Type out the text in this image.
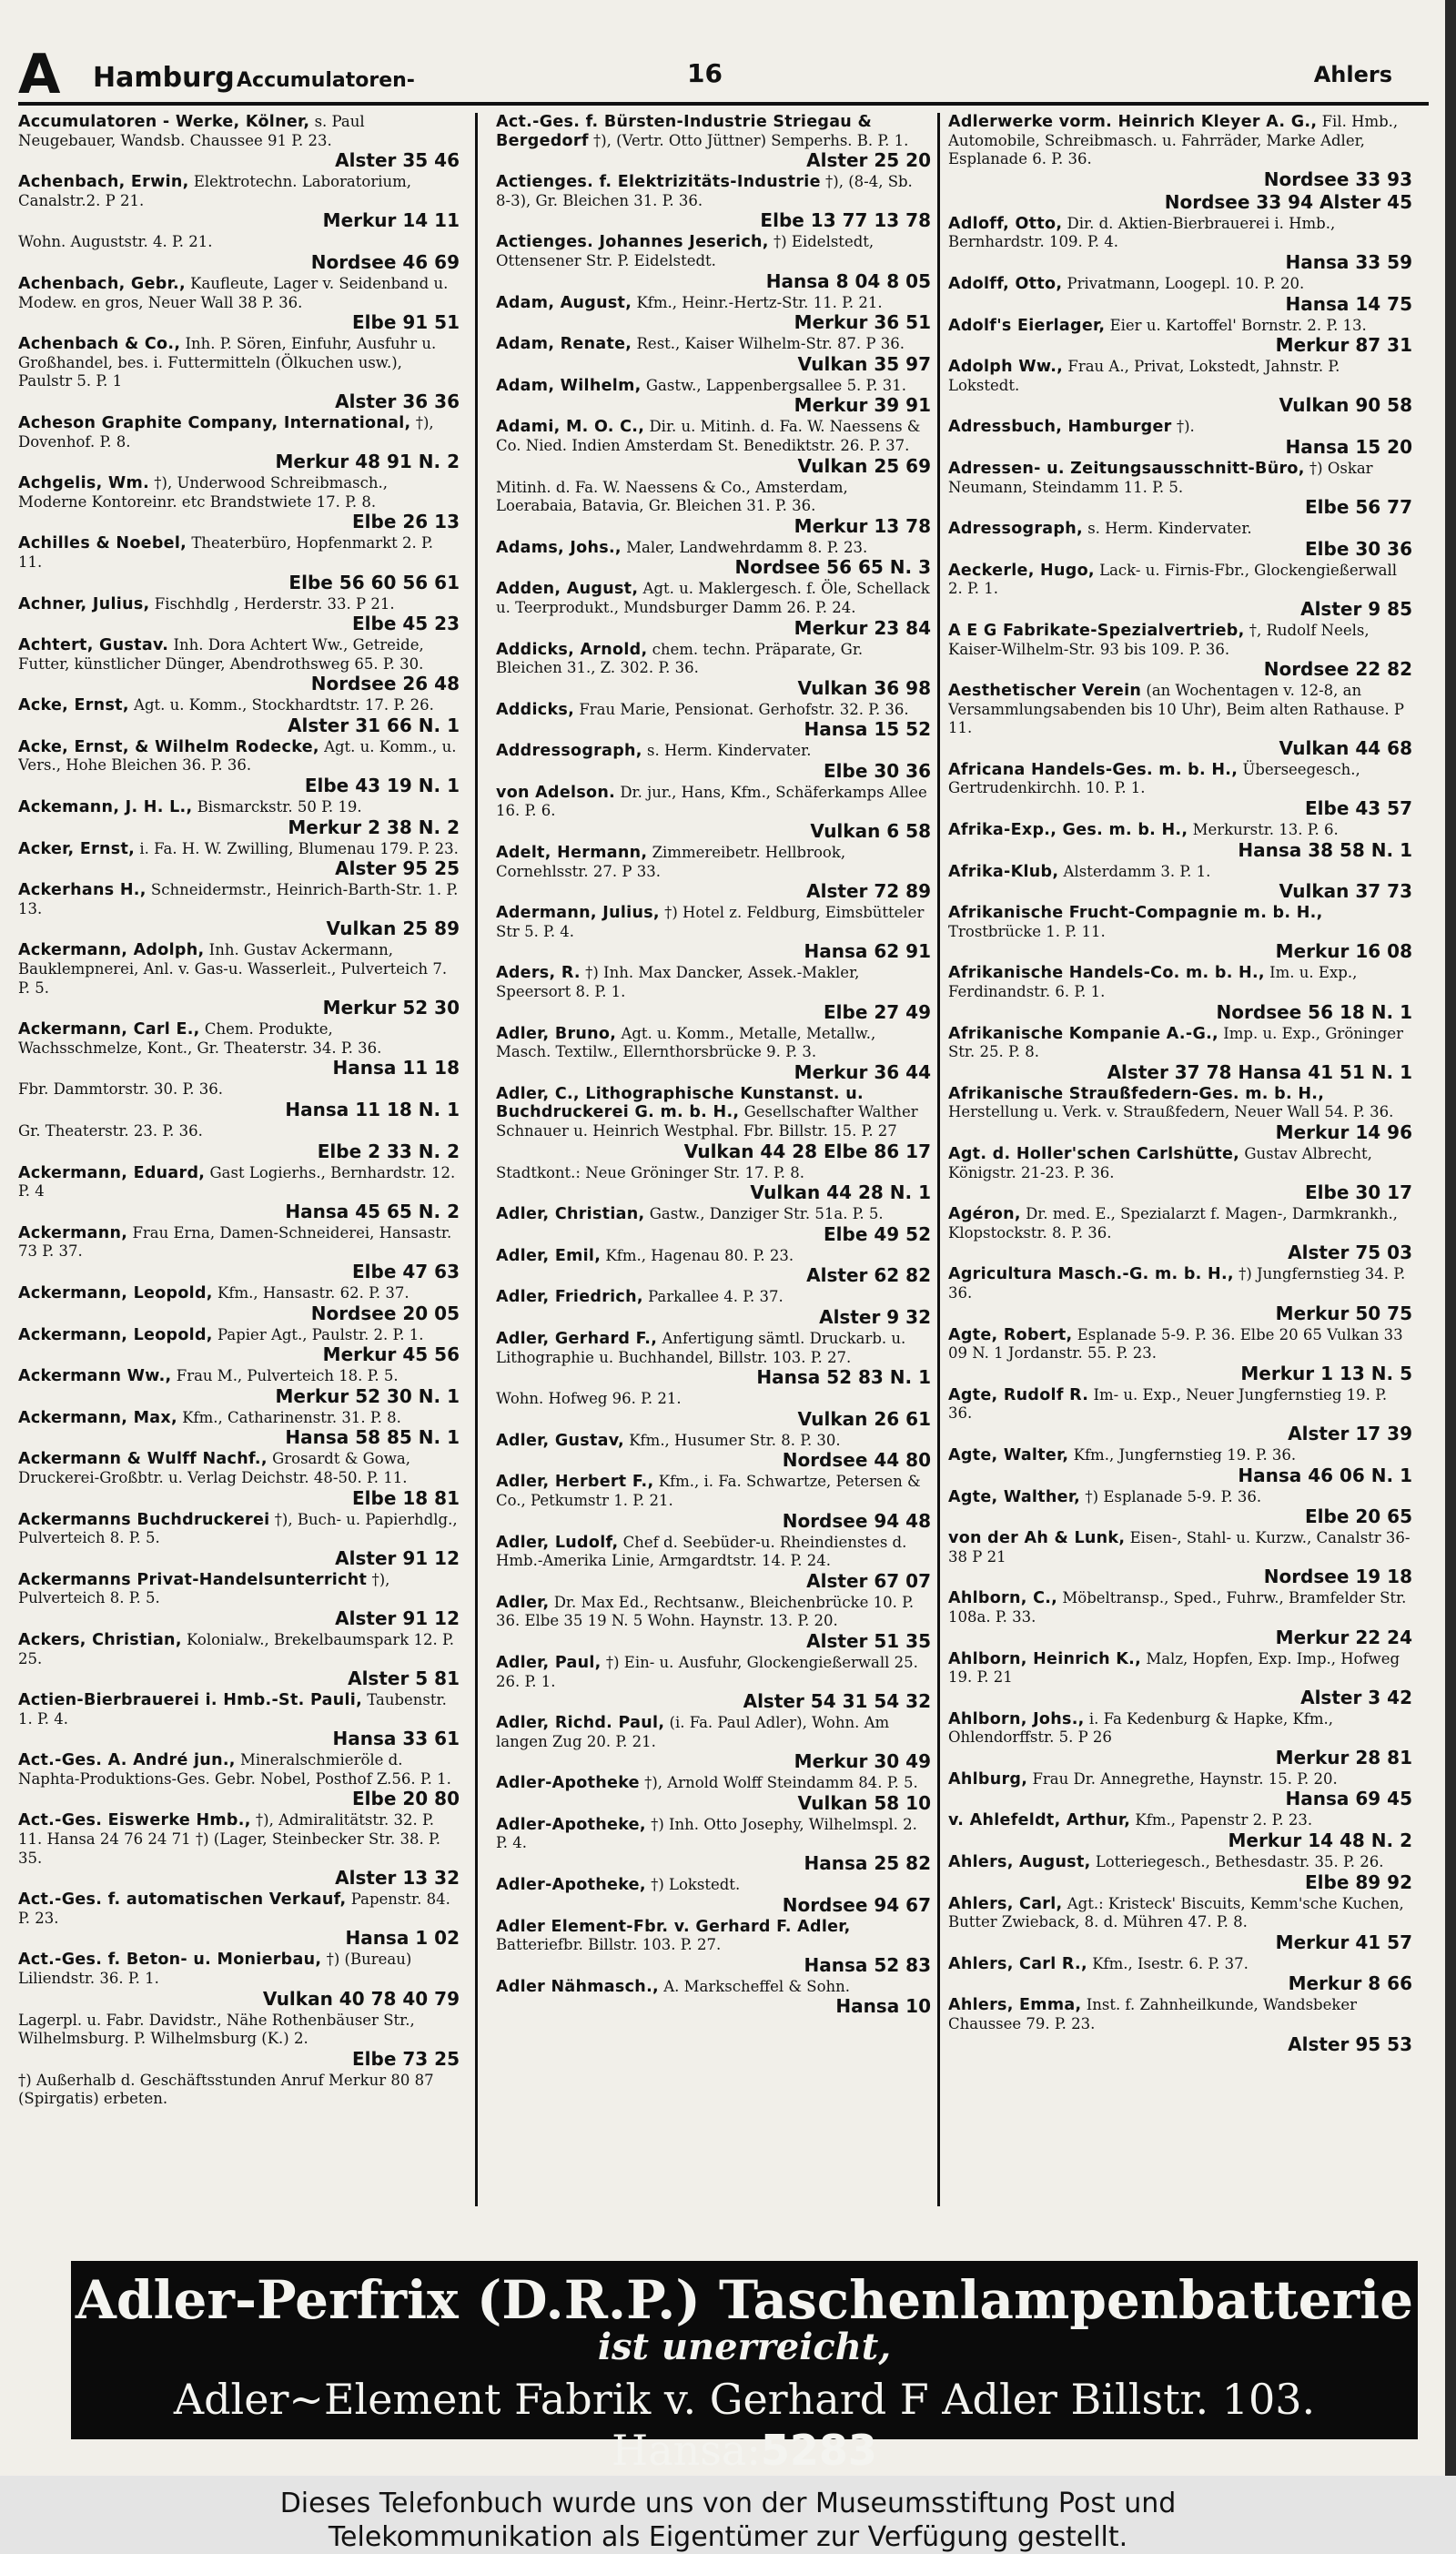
A Hamburg Accumulatoren-	16	Ahlers
Accumulatoren - Werke, Kölner, s. Paul Neugebauer, Wandsb. Chaussee 91 P. 23.
Alster 35 46
Achenbach, Erwin, Elektrotechn. Laboratorium, Canalstr.2. P 21.
Merkur 14 11
Wohn. Auguststr. 4. P. 21.
Nordsee 46 69
Achenbach, Gebr., Kaufleute, Lager v. Seidenband u. Modew. en gros, Neuer Wall 38 P. 36.
Elbe 91 51
Achenbach & Co., Inh. P. Sören, Einfuhr, Ausfuhr u. Großhandel, bes. i. Futtermitteln (Ölkuchen usw.), Paulstr 5. P. 1
Alster 36 36
Acheson Graphite Company, International, †), Dovenhof. P. 8.
Merkur 48 91 N. 2
Achgelis, Wm. †), Underwood Schreibmasch., Moderne Kontoreinr. etc Brandstwiete 17. P. 8.
Elbe 26 13
Achilles & Noebel, Theaterbüro, Hopfenmarkt 2. P. 11.
Elbe 56 60 56 61
Achner, Julius, Fischhdlg , Herderstr. 33. P 21.
Elbe 45 23
Achtert, Gustav. Inh. Dora Achtert Ww., Getreide, Futter, künstlicher Dünger, Abendrothsweg 65. P. 30.
Nordsee 26 48
Acke, Ernst, Agt. u. Komm., Stockhardtstr. 17. P. 26.
Alster 31 66 N. 1
Acke, Ernst, & Wilhelm Rodecke, Agt. u. Komm., u. Vers., Hohe Bleichen 36. P. 36.
Elbe 43 19 N. 1
Ackemann, J. H. L., Bismarckstr. 50 P. 19.
Merkur 2 38 N. 2
Acker, Ernst, i. Fa. H. W. Zwilling, Blumenau 179. P. 23.
Alster 95 25
Ackerhans H., Schneidermstr., Heinrich-Barth-Str. 1. P. 13.
Vulkan 25 89
Ackermann, Adolph, Inh. Gustav Ackermann, Bauklempnerei, Anl. v. Gas-u. Wasserleit., Pulverteich 7. P. 5.
Merkur 52 30
Ackermann, Carl E., Chem. Produkte, Wachsschmelze, Kont., Gr. Theaterstr. 34. P. 36.
Hansa 11 18
Fbr. Dammtorstr. 30. P. 36.
Hansa 11 18 N. 1
Gr. Theaterstr. 23. P. 36.
Elbe 2 33 N. 2
Ackermann, Eduard, Gast Logierhs., Bernhardstr. 12. P. 4
Hansa 45 65 N. 2
Ackermann, Frau Erna, Damen-Schneiderei, Hansastr. 73 P. 37.
Elbe 47 63
Ackermann, Leopold, Kfm., Hansastr. 62. P. 37.
Nordsee 20 05
Ackermann, Leopold, Papier Agt., Paulstr. 2. P. 1.
Merkur 45 56
Ackermann Ww., Frau M., Pulverteich 18. P. 5.
Merkur 52 30 N. 1
Ackermann, Max, Kfm., Catharinenstr. 31. P. 8.
Hansa 58 85 N. 1
Ackermann & Wulff Nachf., Grosardt & Gowa, Druckerei-Großbtr. u. Verlag Deichstr. 48-50. P. 11.
Elbe 18 81
Ackermanns Buchdruckerei †), Buch- u. Papierhdlg., Pulverteich 8. P. 5.
Alster 91 12
Ackermanns Privat-Handelsunterricht †), Pulverteich 8. P. 5.
Alster 91 12
Ackers, Christian, Kolonialw., Brekelbaumspark 12. P. 25.
Alster 5 81
Actien-Bierbrauerei i. Hmb.-St. Pauli, Taubenstr. 1. P. 4.
Hansa 33 61
Act.-Ges. A. André jun., Mineralschmieröle d. Naphta-Produktions-Ges. Gebr. Nobel, Posthof Z.56. P. 1.
Elbe 20 80
Act.-Ges. Eiswerke Hmb., †), Admiralitätstr. 32. P. 11. Hansa 24 76 24 71 †) (Lager, Steinbecker Str. 38. P. 35.
Alster 13 32
Act.-Ges. f. automatischen Verkauf, Papenstr. 84. P. 23.
Hansa 1 02
Act.-Ges. f. Beton- u. Monierbau, †) (Bureau) Liliendstr. 36. P. 1.
Vulkan 40 78 40 79
Lagerpl. u. Fabr. Davidstr., Nähe Rothenbäuser Str., Wilhelmsburg. P. Wilhelmsburg (K.) 2.
Elbe 73 25
†) Außerhalb d. Geschäftsstunden Anruf Merkur 80 87 (Spirgatis) erbeten.
Act.-Ges. f. Bürsten-Industrie Striegau & Bergedorf †), (Vertr. Otto Jüttner) Semperhs. B. P. 1.
Alster 25 20
Actienges. f. Elektrizitäts-Industrie †), (8-4, Sb. 8-3), Gr. Bleichen 31. P. 36.
Elbe 13 77 13 78
Actienges. Johannes Jeserich, †) Eidelstedt, Ottensener Str. P. Eidelstedt.
Hansa 8 04 8 05
Adam, August, Kfm., Heinr.-Hertz-Str. 11. P. 21.
Merkur 36 51
Adam, Renate, Rest., Kaiser Wilhelm-Str. 87. P 36.
Vulkan 35 97
Adam, Wilhelm, Gastw., Lappenbergsallee 5. P. 31.
Merkur 39 91
Adami, M. O. C., Dir. u. Mitinh. d. Fa. W. Naessens & Co. Nied. Indien Amsterdam St. Benediktstr. 26. P. 37.
Vulkan 25 69
Mitinh. d. Fa. W. Naessens & Co., Amsterdam, Loerabaia, Batavia, Gr. Bleichen 31. P. 36.
Merkur 13 78
Adams, Johs., Maler, Landwehrdamm 8. P. 23.
Nordsee 56 65 N. 3
Adden, August, Agt. u. Maklergesch. f. Öle, Schellack u. Teerprodukt., Mundsburger Damm 26. P. 24.
Merkur 23 84
Addicks, Arnold, chem. techn. Präparate, Gr. Bleichen 31., Z. 302. P. 36.
Vulkan 36 98
Addicks, Frau Marie, Pensionat. Gerhofstr. 32. P. 36.
Hansa 15 52
Addressograph, s. Herm. Kindervater.
Elbe 30 36
von Adelson. Dr. jur., Hans, Kfm., Schäferkamps Allee 16. P. 6.
Vulkan 6 58
Adelt, Hermann, Zimmereibetr. Hellbrook, Cornehlsstr. 27. P 33.
Alster 72 89
Adermann, Julius, †) Hotel z. Feldburg, Eimsbütteler Str 5. P. 4.
Hansa 62 91
Aders, R. †) Inh. Max Dancker, Assek.-Makler, Speersort 8. P. 1.
Elbe 27 49
Adler, Bruno, Agt. u. Komm., Metalle, Metallw., Masch. Textilw., Ellernthorsbrücke 9. P. 3.
Merkur 36 44
Adler, C., Lithographische Kunstanst. u. Buchdruckerei G. m. b. H., Gesellschafter Walther Schnauer u. Heinrich Westphal. Fbr. Billstr. 15. P. 27
Vulkan 44 28 Elbe 86 17
Stadtkont.: Neue Gröninger Str. 17. P. 8.
Vulkan 44 28 N. 1
Adler, Christian, Gastw., Danziger Str. 51a. P. 5.
Elbe 49 52
Adler, Emil, Kfm., Hagenau 80. P. 23.
Alster 62 82
Adler, Friedrich, Parkallee 4. P. 37.
Alster 9 32
Adler, Gerhard F., Anfertigung sämtl. Druckarb. u. Lithographie u. Buchhandel, Billstr. 103. P. 27.
Hansa 52 83 N. 1
Wohn. Hofweg 96. P. 21.
Vulkan 26 61
Adler, Gustav, Kfm., Husumer Str. 8. P. 30.
Nordsee 44 80
Adler, Herbert F., Kfm., i. Fa. Schwartze, Petersen & Co., Petkumstr 1. P. 21.
Nordsee 94 48
Adler, Ludolf, Chef d. Seebüder-u. Rheindienstes d. Hmb.-Amerika Linie, Armgardtstr. 14. P. 24.
Alster 67 07
Adler, Dr. Max Ed., Rechtsanw., Bleichenbrücke 10. P. 36. Elbe 35 19 N. 5 Wohn. Haynstr. 13. P. 20.
Alster 51 35
Adler, Paul, †) Ein- u. Ausfuhr, Glockengießerwall 25. 26. P. 1.
Alster 54 31 54 32
Adler, Richd. Paul, (i. Fa. Paul Adler), Wohn. Am langen Zug 20. P. 21.
Merkur 30 49
Adler-Apotheke †), Arnold Wolff Steindamm 84. P. 5.
Vulkan 58 10
Adler-Apotheke, †) Inh. Otto Josephy, Wilhelmspl. 2. P. 4.
Hansa 25 82
Adler-Apotheke, †) Lokstedt.
Nordsee 94 67
Adler Element-Fbr. v. Gerhard F. Adler, Batteriefbr. Billstr. 103. P. 27.
Hansa 52 83
Adler Nähmasch., A. Markscheffel & Sohn.
Hansa 10
Adlerwerke vorm. Heinrich Kleyer A. G., Fil. Hmb., Automobile, Schreibmasch. u. Fahrräder, Marke Adler, Esplanade 6. P. 36.
Nordsee 33 93
Nordsee 33 94 Alster 45
Adloff, Otto, Dir. d. Aktien-Bierbrauerei i. Hmb., Bernhardstr. 109. P. 4.
Hansa 33 59
Adolff, Otto, Privatmann, Loogepl. 10. P. 20.
Hansa 14 75
Adolf's Eierlager, Eier u. Kartoffel' Bornstr. 2. P. 13.
Merkur 87 31
Adolph Ww., Frau A., Privat, Lokstedt, Jahnstr. P. Lokstedt.
Vulkan 90 58
Adressbuch, Hamburger †).
Hansa 15 20
Adressen- u. Zeitungsausschnitt-Büro, †) Oskar Neumann, Steindamm 11. P. 5.
Elbe 56 77
Adressograph, s. Herm. Kindervater.
Elbe 30 36
Aeckerle, Hugo, Lack- u. Firnis-Fbr., Glockengießerwall 2. P. 1.
Alster 9 85
A E G Fabrikate-Spezialvertrieb, †, Rudolf Neels, Kaiser-Wilhelm-Str. 93 bis 109. P. 36.
Nordsee 22 82
Aesthetischer Verein (an Wochentagen v. 12-8, an Versammlungsabenden bis 10 Uhr), Beim alten Rathause. P 11.
Vulkan 44 68
Africana Handels-Ges. m. b. H., Überseegesch., Gertrudenkirchh. 10. P. 1.
Elbe 43 57
Afrika-Exp., Ges. m. b. H., Merkurstr. 13. P. 6.
Hansa 38 58 N. 1
Afrika-Klub, Alsterdamm 3. P. 1.
Vulkan 37 73
Afrikanische Frucht-Compagnie m. b. H., Trostbrücke 1. P. 11.
Merkur 16 08
Afrikanische Handels-Co. m. b. H., Im. u. Exp., Ferdinandstr. 6. P. 1.
Nordsee 56 18 N. 1
Afrikanische Kompanie A.-G., Imp. u. Exp., Gröninger Str. 25. P. 8.
Alster 37 78 Hansa 41 51 N. 1
Afrikanische Straußfedern-Ges. m. b. H., Herstellung u. Verk. v. Straußfedern, Neuer Wall 54. P. 36.
Merkur 14 96
Agt. d. Holler'schen Carlshütte, Gustav Albrecht, Königstr. 21-23. P. 36.
Elbe 30 17
Agéron, Dr. med. E., Spezialarzt f. Magen-, Darmkrankh., Klopstockstr. 8. P. 36.
Alster 75 03
Agricultura Masch.-G. m. b. H., †) Jungfernstieg 34. P. 36.
Merkur 50 75
Agte, Robert, Esplanade 5-9. P. 36. Elbe 20 65 Vulkan 33 09 N. 1 Jordanstr. 55. P. 23.
Merkur 1 13 N. 5
Agte, Rudolf R. Im- u. Exp., Neuer Jungfernstieg 19. P. 36.
Alster 17 39
Agte, Walter, Kfm., Jungfernstieg 19. P. 36.
Hansa 46 06 N. 1
Agte, Walther, †) Esplanade 5-9. P. 36.
Elbe 20 65
von der Ah & Lunk, Eisen-, Stahl- u. Kurzw., Canalstr 36-38 P 21
Nordsee 19 18
Ahlborn, C., Möbeltransp., Sped., Fuhrw., Bramfelder Str. 108a. P. 33.
Merkur 22 24
Ahlborn, Heinrich K., Malz, Hopfen, Exp. Imp., Hofweg 19. P. 21
Alster 3 42
Ahlborn, Johs., i. Fa Kedenburg & Hapke, Kfm., Ohlendorffstr. 5. P 26
Merkur 28 81
Ahlburg, Frau Dr. Annegrethe, Haynstr. 15. P. 20.
Hansa 69 45
v. Ahlefeldt, Arthur, Kfm., Papenstr 2. P. 23.
Merkur 14 48 N. 2
Ahlers, August, Lotteriegesch., Bethesdastr. 35. P. 26.
Elbe 89 92
Ahlers, Carl, Agt.: Kristeck' Biscuits, Kemm'sche Kuchen, Butter Zwieback, 8. d. Mühren 47. P. 8.
Merkur 41 57
Ahlers, Carl R., Kfm., Isestr. 6. P. 37.
Merkur 8 66
Ahlers, Emma, Inst. f. Zahnheilkunde, Wandsbeker Chaussee 79. P. 23.
Alster 95 53
Adler-Perfrix (D.R.P.) Taschenlampenbatterie
ist unerreicht,
Adler~Element Fabrik v. Gerhard F Adler Billstr. 103. Hansa:5283
Dieses Telefonbuch wurde uns von der Museumsstiftung Post und
Telekommunikation als Eigentümer zur Verfügung gestellt.
